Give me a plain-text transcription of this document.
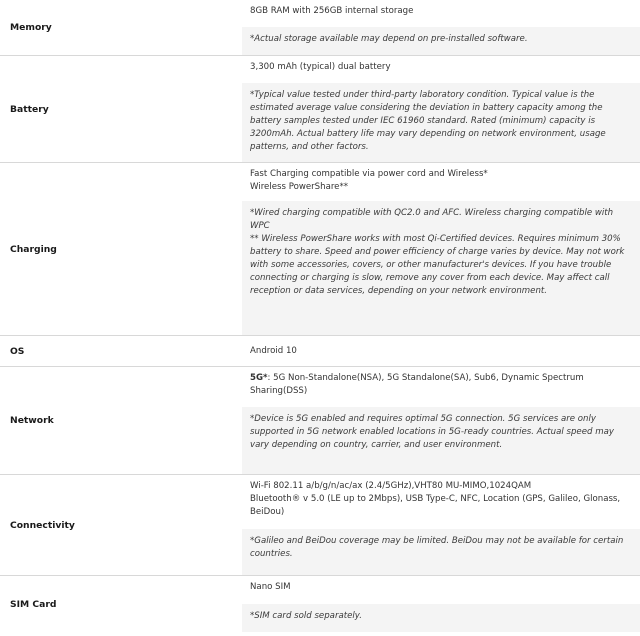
Memory
8GB RAM with 256GB internal storage
*Actual storage available may depend on pre-installed software.
Battery
3,300 mAh (typical) dual battery
*Typical value tested under third-party laboratory condition. Typical value is the estimated average value considering the deviation in battery capacity among the battery samples tested under IEC 61960 standard. Rated (minimum) capacity is 3200mAh. Actual battery life may vary depending on network environment, usage patterns, and other factors.
Charging
Fast Charging compatible via power cord and Wireless*
Wireless PowerShare**
*Wired charging compatible with QC2.0 and AFC. Wireless charging compatible with WPC
** Wireless PowerShare works with most Qi-Certified devices. Requires minimum 30% battery to share. Speed and power efficiency of charge varies by device. May not work with some accessories, covers, or other manufacturer's devices. If you have trouble connecting or charging is slow, remove any cover from each device. May affect call reception or data services, depending on your network environment.
OS	Android 10
Network
5G*: 5G Non-Standalone(NSA), 5G Standalone(SA), Sub6, Dynamic Spectrum Sharing(DSS)
*Device is 5G enabled and requires optimal 5G connection. 5G services are only supported in 5G network enabled locations in 5G-ready countries. Actual speed may vary depending on country, carrier, and user environment.
Connectivity
Wi-Fi 802.11 a/b/g/n/ac/ax (2.4/5GHz),VHT80 MU-MIMO,1024QAM
Bluetooth® v 5.0 (LE up to 2Mbps), USB Type-C, NFC, Location (GPS, Galileo, Glonass, BeiDou)
*Galileo and BeiDou coverage may be limited. BeiDou may not be available for certain countries.
SIM Card
Nano SIM
*SIM card sold separately.
